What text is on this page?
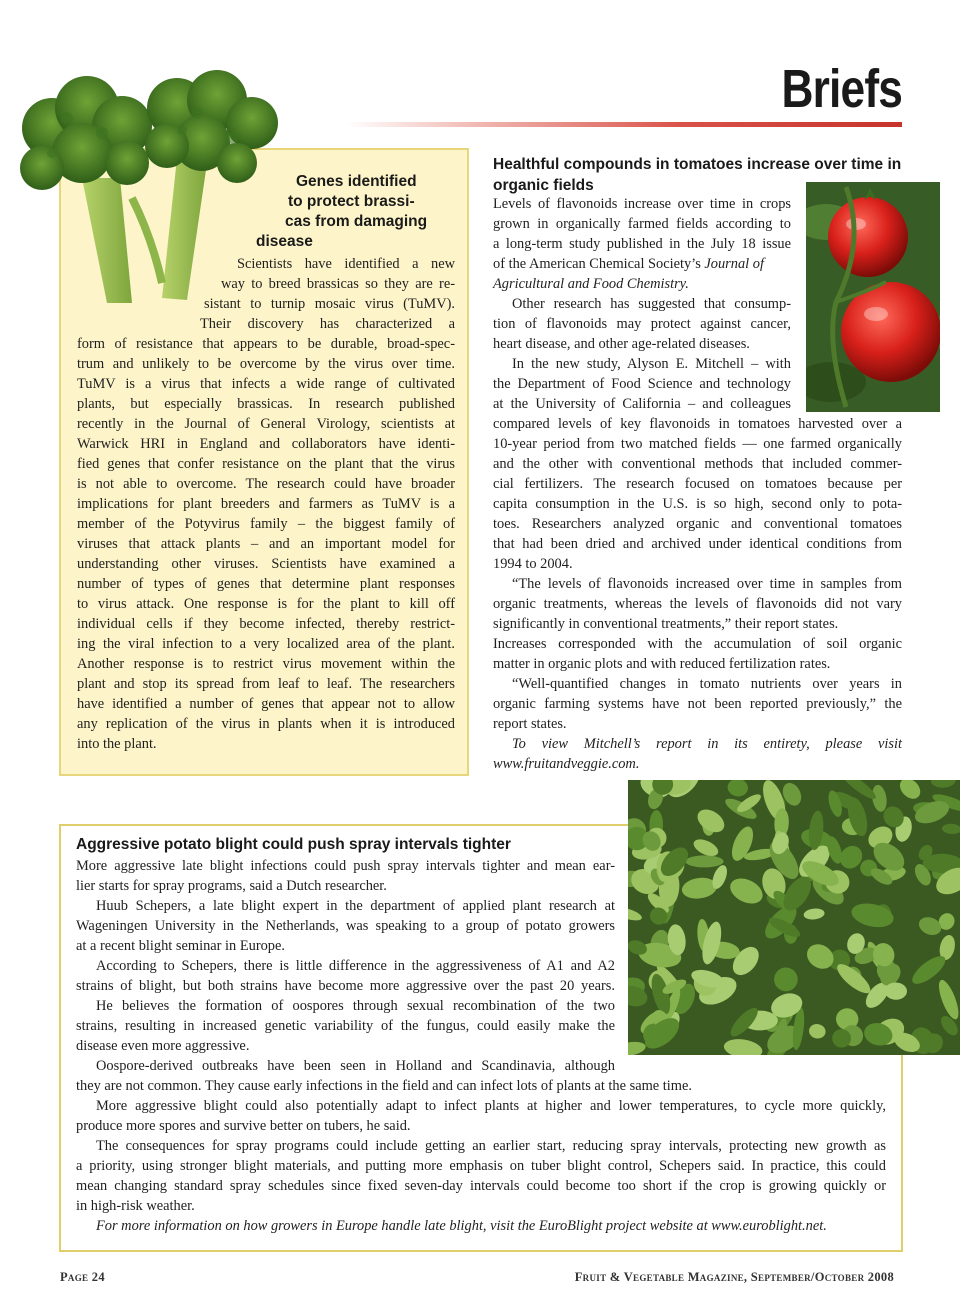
Briefs
Genes identified
to protect brassi-
cas from damaging
disease
Scientists have identified a new
way to breed brassicas so they are re-
sistant to turnip mosaic virus (TuMV).
Their discovery has characterized a
form of resistance that appears to be durable, broad-spec-
trum and unlikely to be overcome by the virus over time.
TuMV is a virus that infects a wide range of cultivated
plants, but especially brassicas. In research published
recently in the Journal of General Virology, scientists at
Warwick HRI in England and collaborators have identi-
fied genes that confer resistance on the plant that the virus
is not able to overcome. The research could have broader
implications for plant breeders and farmers as TuMV is a
member of the Potyvirus family – the biggest family of
viruses that attack plants – and an important model for
understanding other viruses. Scientists have examined a
number of types of genes that determine plant responses
to virus attack. One response is for the plant to kill off
individual cells if they become infected, thereby restrict-
ing the viral infection to a very localized area of the plant.
Another response is to restrict virus movement within the
plant and stop its spread from leaf to leaf. The researchers
have identified a number of genes that appear not to allow
any replication of the virus in plants when it is introduced
into the plant.
Healthful compounds in tomatoes increase over time in organic fields
Levels of flavonoids increase over time in crops
grown in organically farmed fields according to
a long-term study published in the July 18 issue
of the American Chemical Society’s Journal of
Agricultural and Food Chemistry.
Other research has suggested that consump-
tion of flavonoids may protect against cancer,
heart disease, and other age-related diseases.
In the new study, Alyson E. Mitchell – with
the Department of Food Science and technology
at the University of California – and colleagues
compared levels of key flavonoids in tomatoes harvested over a
10-year period from two matched fields — one farmed organically
and the other with conventional methods that included commer-
cial fertilizers. The research focused on tomatoes because per
capita consumption in the U.S. is so high, second only to pota-
toes. Researchers analyzed organic and conventional tomatoes
that had been dried and archived under identical conditions from
1994 to 2004.
“The levels of flavonoids increased over time in samples from
organic treatments, whereas the levels of flavonoids did not vary
significantly in conventional treatments,” their report states.
Increases corresponded with the accumulation of soil organic
matter in organic plots and with reduced fertilization rates.
“Well-quantified changes in tomato nutrients over years in
organic farming systems have not been reported previously,” the
report states.
To view Mitchell’s report in its entirety, please visit
www.fruitandveggie.com.
Aggressive potato blight could push spray intervals tighter
More aggressive late blight infections could push spray intervals tighter and mean ear-
lier starts for spray programs, said a Dutch researcher.
Huub Schepers, a late blight expert in the department of applied plant research at
Wageningen University in the Netherlands, was speaking to a group of potato growers
at a recent blight seminar in Europe.
According to Schepers, there is little difference in the aggressiveness of A1 and A2
strains of blight, but both strains have become more aggressive over the past 20 years.
He believes the formation of oospores through sexual recombination of the two
strains, resulting in increased genetic variability of the fungus, could easily make the
disease even more aggressive.
Oospore-derived outbreaks have been seen in Holland and Scandinavia, although
they are not common. They cause early infections in the field and can infect lots of plants at the same time.
More aggressive blight could also potentially adapt to infect plants at higher and lower temperatures, to cycle more quickly,
produce more spores and survive better on tubers, he said.
The consequences for spray programs could include getting an earlier start, reducing spray intervals, protecting new growth as
a priority, using stronger blight materials, and putting more emphasis on tuber blight control, Schepers said. In practice, this could
mean changing standard spray schedules since fixed seven-day intervals could become too short if the crop is growing quickly or
in high-risk weather.
For more information on how growers in Europe handle late blight, visit the EuroBlight project website at www.euroblight.net.
Page 24	Fruit & Vegetable Magazine, September/October 2008
